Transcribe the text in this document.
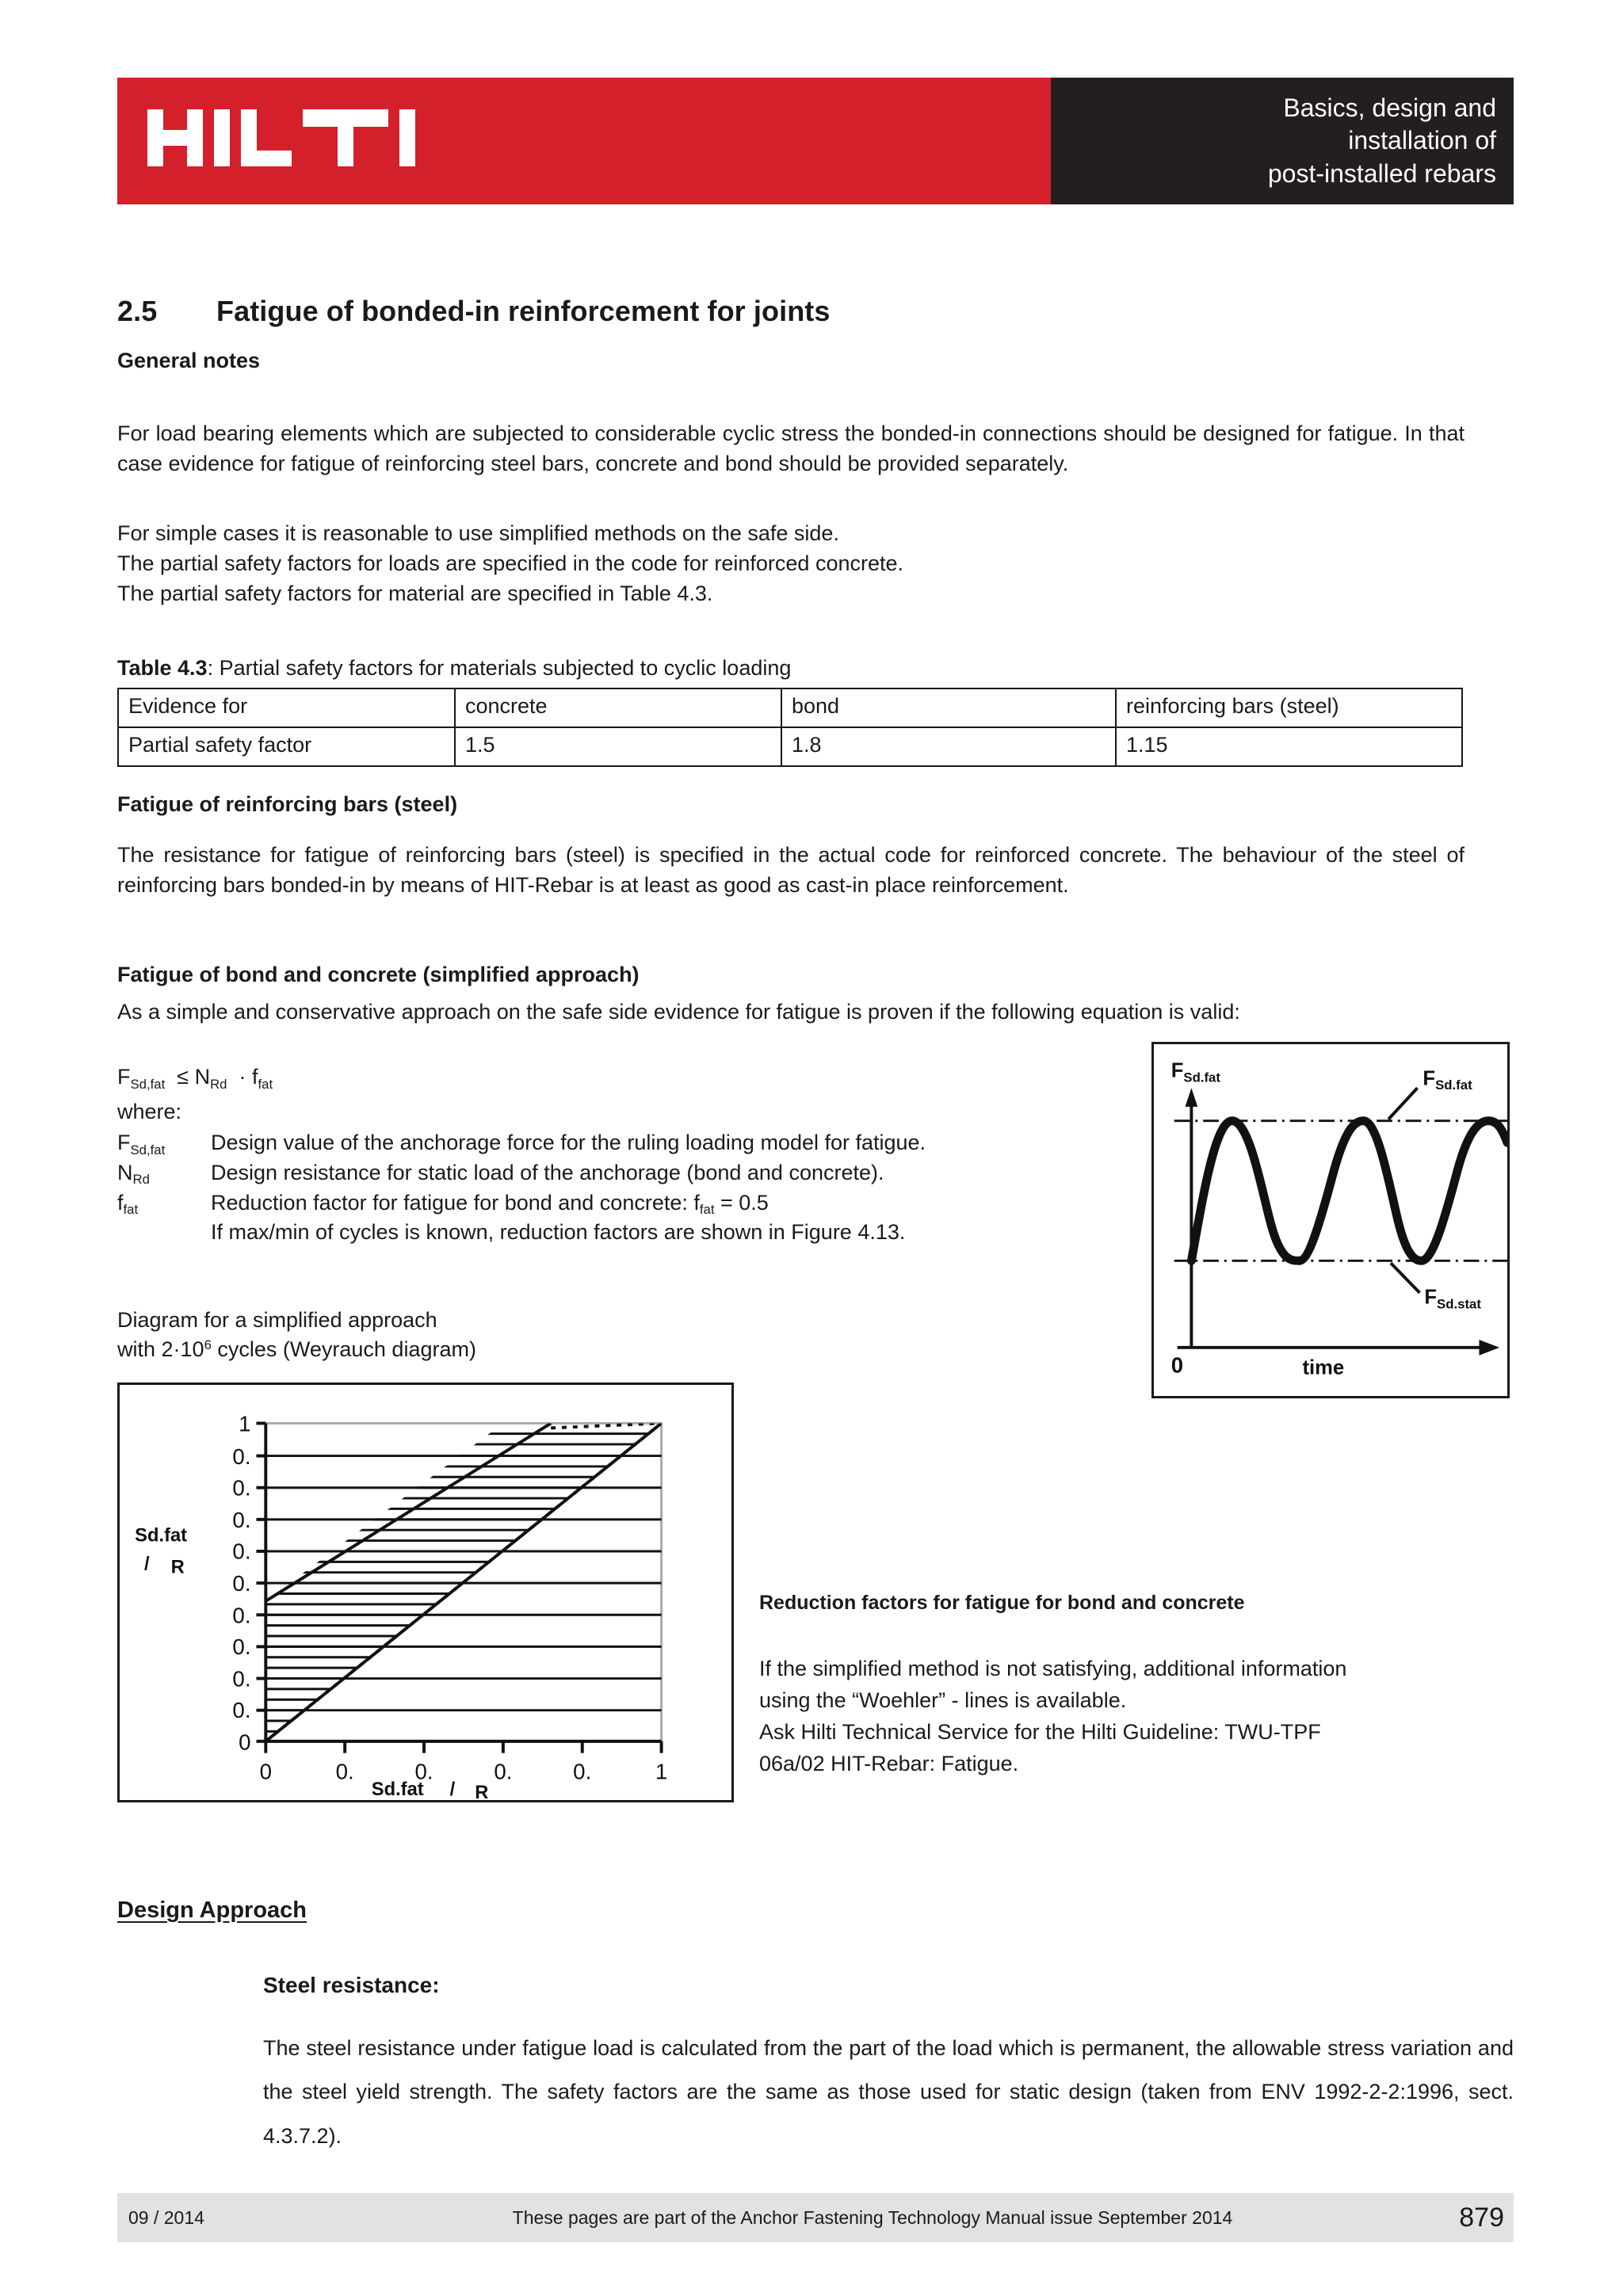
Basics, design and
installation of
post-installed rebars
2.5 Fatigue of bonded-in reinforcement for joints
General notes
For load bearing elements which are subjected to considerable cyclic stress the bonded-in connections should be designed for fatigue. In that case evidence for fatigue of reinforcing steel bars, concrete and bond should be provided separately.
For simple cases it is reasonable to use simplified methods on the safe side.
The partial safety factors for loads are specified in the code for reinforced concrete.
The partial safety factors for material are specified in Table 4.3.
Table 4.3: Partial safety factors for materials subjected to cyclic loading
Evidence for	concrete	bond	reinforcing bars (steel)
Partial safety factor	1.5	1.8	1.15
Fatigue of reinforcing bars (steel)
The resistance for fatigue of reinforcing bars (steel) is specified in the actual code for reinforced concrete. The behaviour of the steel of reinforcing bars bonded-in by means of HIT-Rebar is at least as good as cast-in place reinforcement.
Fatigue of bond and concrete (simplified approach)
As a simple and conservative approach on the safe side evidence for fatigue is proven if the following equation is valid:
$F_{Sd,fat} \le N_{Rd} \cdot f_{fat}$
where:
$F_{Sd,fat}$	Design value of the anchorage force for the ruling loading model for fatigue.
$N_{Rd}$	Design resistance for static load of the anchorage (bond and concrete).
$f_{fat}$	Reduction factor for fatigue for bond and concrete: $f_{fat} = 0.5$
If max/min of cycles is known, reduction factors are shown in Figure 4.13.
$F_{Sd.fat}$	$F_{Sd.fat}$
$F_{Sd.stat}$
0	time
Diagram for a simplified approach
with $2\cdot 10^6$ cycles (Weyrauch diagram)
1
0.
0.
0.
0.
0.
0.
0.
0.
0.
0
Sd.fat
/ R
0	0.	0.	0.	0.	1
Sd.fat / R
Reduction factors for fatigue for bond and concrete
If the simplified method is not satisfying, additional information
using the “Woehler” - lines is available.
Ask Hilti Technical Service for the Hilti Guideline: TWU-TPF
06a/02 HIT-Rebar: Fatigue.
Design Approach
Steel resistance:
The steel resistance under fatigue load is calculated from the part of the load which is permanent, the allowable stress variation and the steel yield strength. The safety factors are the same as those used for static design (taken from ENV 1992-2-2:1996, sect. 4.3.7.2).
09 / 2014	These pages are part of the Anchor Fastening Technology Manual issue September 2014	879
